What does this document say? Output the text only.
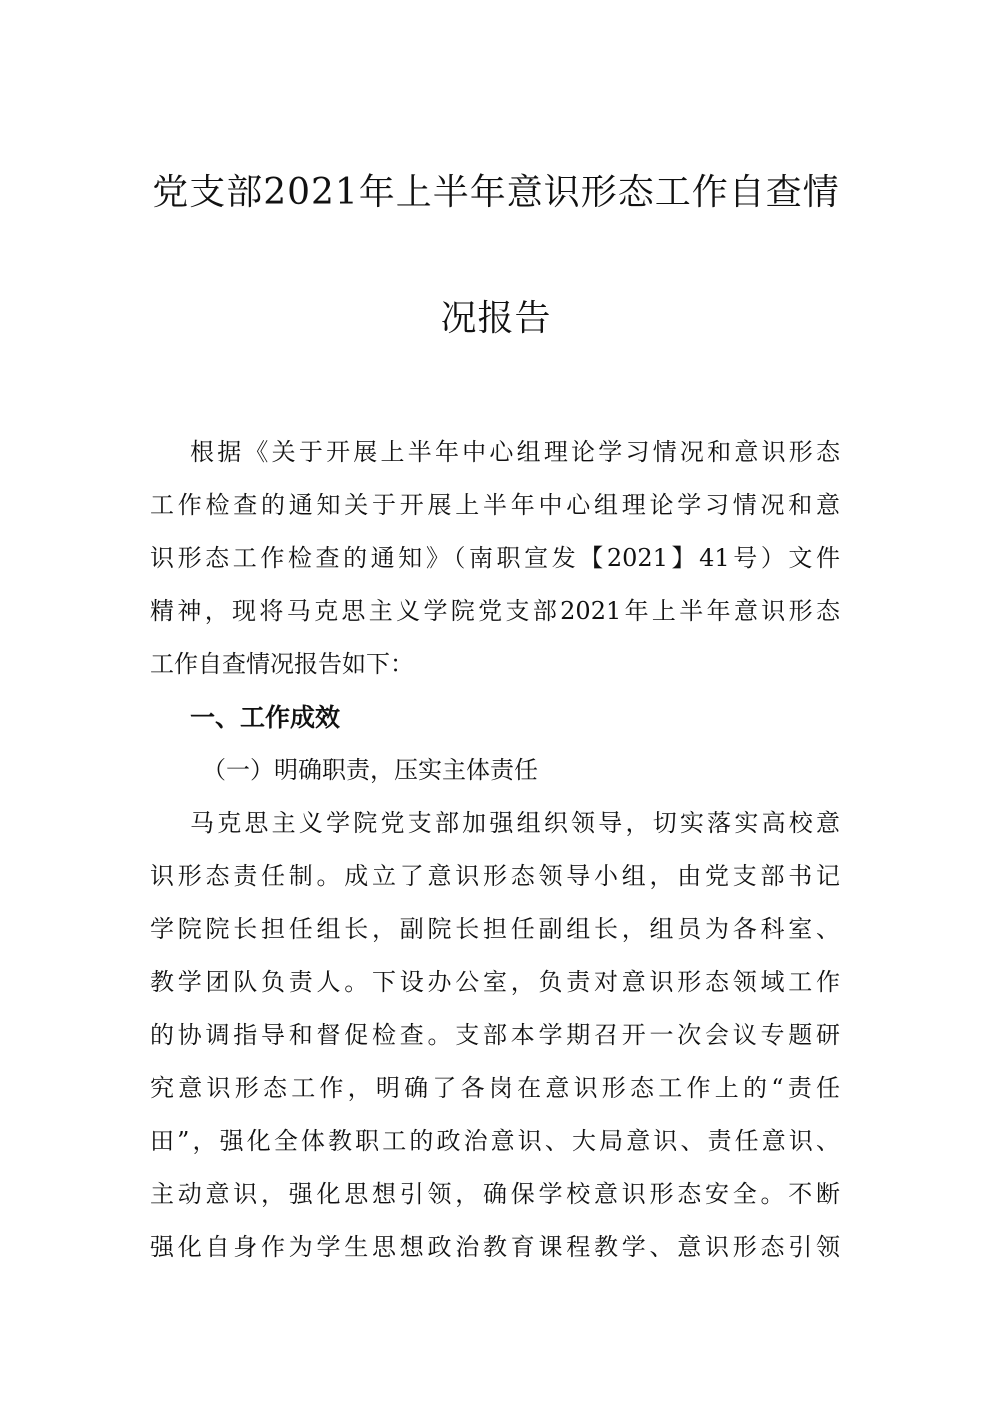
党支部2021年上半年意识形态工作自查情
况报告
根据《关于开展上半年中心组理论学习情况和意识形态
工作检查的通知关于开展上半年中心组理论学习情况和意
识形态工作检查的通知》（南职宣发【2021】41号）文件
精神，现将马克思主义学院党支部2021年上半年意识形态
工作自查情况报告如下：
一、工作成效
（一）明确职责，压实主体责任
马克思主义学院党支部加强组织领导，切实落实高校意
识形态责任制。成立了意识形态领导小组，由党支部书记
学院院长担任组长，副院长担任副组长，组员为各科室、
教学团队负责人。下设办公室，负责对意识形态领域工作
的协调指导和督促检查。支部本学期召开一次会议专题研
究意识形态工作，明确了各岗在意识形态工作上的“责任
田”，强化全体教职工的政治意识、大局意识、责任意识、
主动意识，强化思想引领，确保学校意识形态安全。不断
强化自身作为学生思想政治教育课程教学、意识形态引领
